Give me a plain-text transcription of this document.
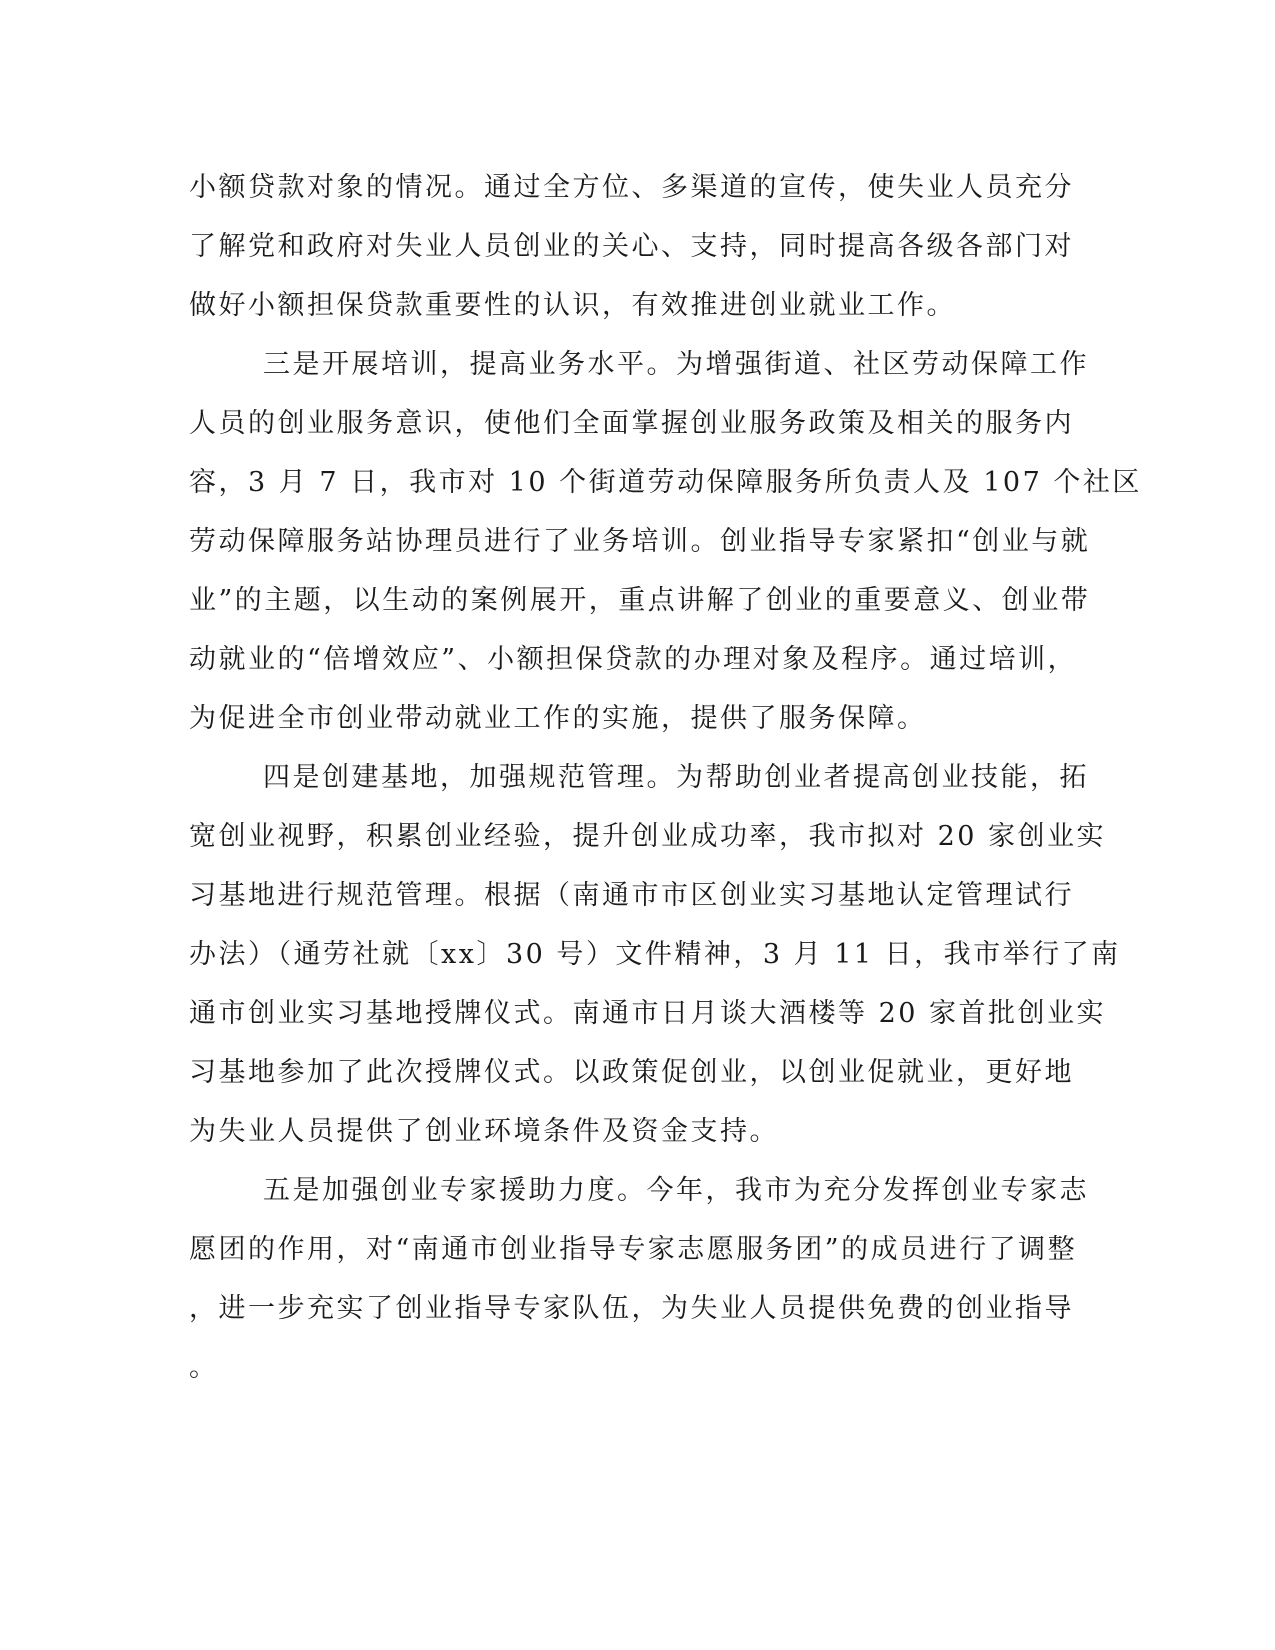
小额贷款对象的情况。通过全方位、多渠道的宣传，使失业人员充分
了解党和政府对失业人员创业的关心、支持，同时提高各级各部门对
做好小额担保贷款重要性的认识，有效推进创业就业工作。
三是开展培训，提高业务水平。为增强街道、社区劳动保障工作
人员的创业服务意识，使他们全面掌握创业服务政策及相关的服务内
容，3 月 7 日，我市对 10 个街道劳动保障服务所负责人及 107 个社区
劳动保障服务站协理员进行了业务培训。创业指导专家紧扣“创业与就
业”的主题，以生动的案例展开，重点讲解了创业的重要意义、创业带
动就业的“倍增效应”、小额担保贷款的办理对象及程序。通过培训，
为促进全市创业带动就业工作的实施，提供了服务保障。
四是创建基地，加强规范管理。为帮助创业者提高创业技能，拓
宽创业视野，积累创业经验，提升创业成功率，我市拟对 20 家创业实
习基地进行规范管理。根据（南通市市区创业实习基地认定管理试行
办法）（通劳社就〔xx〕30 号）文件精神，3 月 11 日，我市举行了南
通市创业实习基地授牌仪式。南通市日月谈大酒楼等 20 家首批创业实
习基地参加了此次授牌仪式。以政策促创业，以创业促就业，更好地
为失业人员提供了创业环境条件及资金支持。
五是加强创业专家援助力度。今年，我市为充分发挥创业专家志
愿团的作用，对“南通市创业指导专家志愿服务团”的成员进行了调整
，进一步充实了创业指导专家队伍，为失业人员提供免费的创业指导
。
